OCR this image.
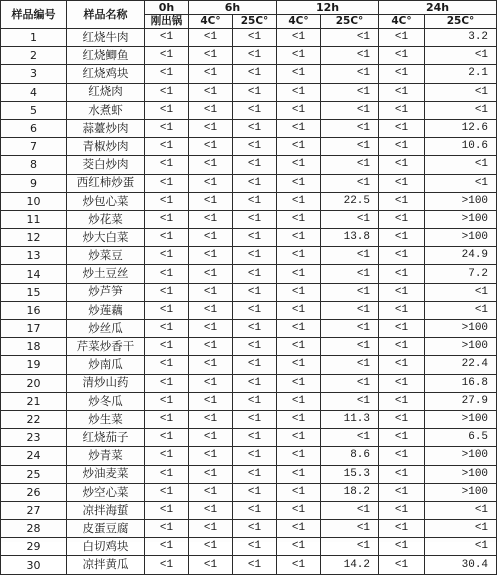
样品编号	样品名称	0h	6h		12h		24h	
		刚出锅	4C°	25C°	4C°	25C°	4C°	25C°
1	红烧牛肉	<1	<1	<1	<1	<1	<1	3.2
2	红烧鲫鱼	<1	<1	<1	<1	<1	<1	<1
3	红烧鸡块	<1	<1	<1	<1	<1	<1	2.1
4	红烧肉	<1	<1	<1	<1	<1	<1	<1
5	水煮虾	<1	<1	<1	<1	<1	<1	<1
6	蒜薹炒肉	<1	<1	<1	<1	<1	<1	12.6
7	青椒炒肉	<1	<1	<1	<1	<1	<1	10.6
8	茭白炒肉	<1	<1	<1	<1	<1	<1	<1
9	西红柿炒蛋	<1	<1	<1	<1	<1	<1	<1
10	炒包心菜	<1	<1	<1	<1	22.5	<1	>100
11	炒花菜	<1	<1	<1	<1	<1	<1	>100
12	炒大白菜	<1	<1	<1	<1	13.8	<1	>100
13	炒菜豆	<1	<1	<1	<1	<1	<1	24.9
14	炒土豆丝	<1	<1	<1	<1	<1	<1	7.2
15	炒芦笋	<1	<1	<1	<1	<1	<1	<1
16	炒莲藕	<1	<1	<1	<1	<1	<1	<1
17	炒丝瓜	<1	<1	<1	<1	<1	<1	>100
18	芹菜炒香干	<1	<1	<1	<1	<1	<1	>100
19	炒南瓜	<1	<1	<1	<1	<1	<1	22.4
20	清炒山药	<1	<1	<1	<1	<1	<1	16.8
21	炒冬瓜	<1	<1	<1	<1	<1	<1	27.9
22	炒生菜	<1	<1	<1	<1	11.3	<1	>100
23	红烧茄子	<1	<1	<1	<1	<1	<1	6.5
24	炒青菜	<1	<1	<1	<1	8.6	<1	>100
25	炒油麦菜	<1	<1	<1	<1	15.3	<1	>100
26	炒空心菜	<1	<1	<1	<1	18.2	<1	>100
27	凉拌海蜇	<1	<1	<1	<1	<1	<1	<1
28	皮蛋豆腐	<1	<1	<1	<1	<1	<1	<1
29	白切鸡块	<1	<1	<1	<1	<1	<1	<1
30	凉拌黄瓜	<1	<1	<1	<1	14.2	<1	30.4
